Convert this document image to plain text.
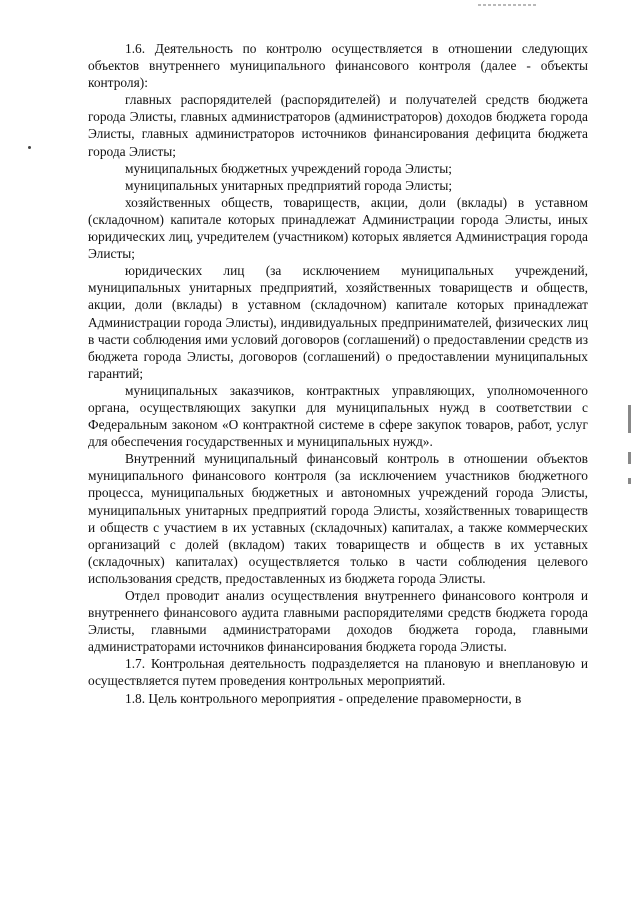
1.6. Деятельность по контролю осуществляется в отношении следующих объектов внутреннего муниципального финансового контроля (далее - объекты контроля):

главных распорядителей (распорядителей) и получателей средств бюджета города Элисты, главных администраторов (администраторов) доходов бюджета города Элисты, главных администраторов источников финансирования дефицита бюджета города Элисты;

муниципальных бюджетных учреждений города Элисты;

муниципальных унитарных предприятий города Элисты;

хозяйственных обществ, товариществ, акции, доли (вклады) в уставном (складочном) капитале которых принадлежат Администрации города Элисты, иных юридических лиц, учредителем (участником) которых является Администрация города Элисты;

юридических лиц (за исключением муниципальных учреждений, муниципальных унитарных предприятий, хозяйственных товариществ и обществ, акции, доли (вклады) в уставном (складочном) капитале которых принадлежат Администрации города Элисты), индивидуальных предпринимателей, физических лиц в части соблюдения ими условий договоров (соглашений) о предоставлении средств из бюджета города Элисты, договоров (соглашений) о предоставлении муниципальных гарантий;

муниципальных заказчиков, контрактных управляющих, уполномоченного органа, осуществляющих закупки для муниципальных нужд в соответствии с Федеральным законом «О контрактной системе в сфере закупок товаров, работ, услуг для обеспечения государственных и муниципальных нужд».

Внутренний муниципальный финансовый контроль в отношении объектов муниципального финансового контроля (за исключением участников бюджетного процесса, муниципальных бюджетных и автономных учреждений города Элисты, муниципальных унитарных предприятий города Элисты, хозяйственных товариществ и обществ с участием в их уставных (складочных) капиталах, а также коммерческих организаций с долей (вкладом) таких товариществ и обществ в их уставных (складочных) капиталах) осуществляется только в части соблюдения целевого использования средств, предоставленных из бюджета города Элисты.

Отдел проводит анализ осуществления внутреннего финансового контроля и внутреннего финансового аудита главными распорядителями средств бюджета города Элисты, главными администраторами доходов бюджета города, главными администраторами источников финансирования бюджета города Элисты.

1.7. Контрольная деятельность подразделяется на плановую и внеплановую и осуществляется путем проведения контрольных мероприятий.

1.8. Цель контрольного мероприятия - определение правомерности, в
